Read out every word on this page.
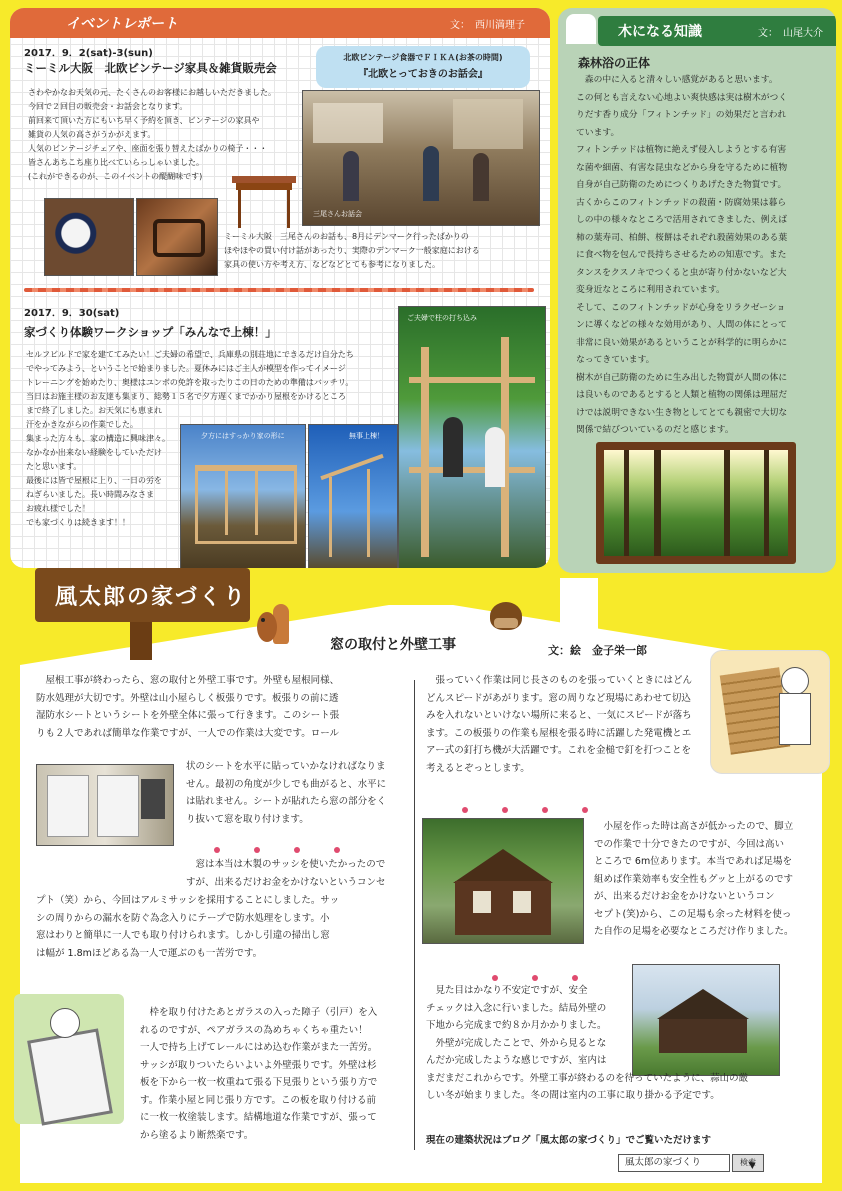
イベントレポート	文：　西川満理子
2017．9．2(sat)-3(sun)
ミーミル大阪　北欧ビンテージ家具＆雑貨販売会
北欧ビンテージ食器でＦＩＫＡ(お茶の時間)
『北欧とっておきのお話会』
さわやかなお天気の元、たくさんのお客様にお越しいただきました。
今回で２回目の販売会・お話会となります。
前回来て頂いた方にもいち早く予約を頂き、ビンテージの家具や
雑貨の人気の高さがうかがえます。
人気のビンテージチェアや、座面を張り替えたばかりの椅子・・・
皆さんあちこち座り比べていらっしゃいました。
(これができるのが、このイベントの醍醐味です)
三尾さんお話会
ミーミル大阪　三尾さんのお話も、8月にデンマーク行ったばかりの
ほやほやの買い付け話があったり、実際のデンマーク一般家庭における
家具の使い方や考え方、などなどとても参考になりました。
2017．9．30(sat)
家づくり体験ワークショップ「みんなで上棟！」
セルフビルドで家を建ててみたい！ご夫婦の希望で、兵庫県の別荘地にできるだけ自分たち
でやってみよう、ということで始まりました。夏休みにはご主人が模型を作ってイメージ
トレーニングを始めたり、奥様はユンボの免許を取ったりこの日のための準備はバッチリ。
当日はお施主様のお友達も集まり、総勢１５名で夕方遅くまでかかり屋根をかけるところ
まで終了しました。お天気にも恵まれ
汗をかきながらの作業でした。
集まった方々も、家の構造に興味津々。
なかなか出来ない経験をしていただけ
たと思います。
最後には皆で屋根に上り、一日の労を
ねぎらいました。長い時間みなさま
お疲れ様でした！
でも家づくりは続きます！！
夕方にはすっかり家の形に	無事上棟！
ご夫婦で柱の打ち込み
木になる知識	文：　山尾大介
森林浴の正体
　森の中に入ると清々しい感覚があると思います。
この何とも言えない心地よい爽快感は実は樹木がつく
りだす香り成分「フィトンチッド」の効果だと言われ
ています。
フィトンチッドは植物に絶えず侵入しようとする有害
な菌や細菌、有害な昆虫などから身を守るために植物
自身が自己防衛のためにつくりあげたきた物質です。
古くからこのフィトンチッドの殺菌・防腐効果は暮ら
しの中の様々なところで活用されてきました、例えば
柿の葉寿司、柏餅、桜餅はそれぞれ殺菌効果のある葉
に食べ物を包んで長持ちさせるための知恵です。また
タンスをクスノキでつくると虫が寄り付かないなど大
変身近なところに利用されています。
そして、このフィトンチッドが心身をリラクゼーショ
ンに導くなどの様々な効用があり、人間の体にとって
非常に良い効果があるということが科学的に明らかに
なってきています。
樹木が自己防衛のために生み出した物質が人間の体に
は良いものであるとすると人類と植物の関係は理屈だ
けでは説明できない生き物としてとても親密で大切な
関係で結びついているのだと感じます。
風太郎の家づくり
窓の取付と外壁工事	文：絵　金子栄一郎
　屋根工事が終わったら、窓の取付と外壁工事です。外壁も屋根同様、
防水処理が大切です。外壁は山小屋らしく板張りです。板張りの前に透
湿防水シートというシートを外壁全体に張って行きます。このシート張
りも２人であれば簡単な作業ですが、一人での作業は大変です。ロール
状のシートを水平に貼っていかなければなりま
せん。最初の角度が少しでも曲がると、水平に
は貼れません。シートが貼れたら窓の部分をく
り抜いて窓を取り付けます。
　窓は本当は木製のサッシを使いたかったので
すが、出来るだけお金をかけないというコンセ
プト（笑）から、今回はアルミサッシを採用することにしました。サッ
シの周りからの漏水を防ぐ為念入りにテープで防水処理をします。小
窓はわりと簡単に一人でも取り付けられます。しかし引違の掃出し窓
は幅が 1.8mほどある為一人で運ぶのも一苦労です。
　枠を取り付けたあとガラスの入った障子（引戸）を入
れるのですが、ペアガラスの為めちゃくちゃ重たい！
一人で持ち上げてレールにはめ込む作業がまた一苦労。
サッシが取りついたらいよいよ外壁張りです。外壁は杉
板を下から一枚一枚重ねて張る下見張りという張り方で
す。作業小屋と同じ張り方です。この板を取り付ける前
に一枚一枚塗装します。結構地道な作業ですが、張って
から塗るより断然楽です。
　張っていく作業は同じ長さのものを張っていくときにはどん
どんスピードがあがります。窓の周りなど現場にあわせて切込
みを入れないといけない場所に来ると、一気にスピードが落ち
ます。この板張りの作業も屋根を張る時に活躍した発電機とエ
アー式の釘打ち機が大活躍です。これを金槌で釘を打つことを
考えるとぞっとします。
　小屋を作った時は高さが低かったので、脚立
での作業で十分できたのですが、今回は高い
ところで 6m位あります。本当であれば足場を
組めば作業効率も安全性もグッと上がるのです
が、出来るだけお金をかけないというコン
セプト(笑)から、この足場も余った材料を使っ
た自作の足場を必要なところだけ作りました。
　見た目はかなり不安定ですが、安全
チェックは入念に行いました。結局外壁の
下地から完成まで約８か月かかりました。
　外壁が完成したことで、外から見るとな
んだか完成したような感じですが、室内は
まだまだこれからです。外壁工事が終わるのを待っていたように、蒜山の厳
しい冬が始まりました。冬の間は室内の工事に取り掛かる予定です。
現在の建築状況はブログ「風太郎の家づくり」でご覧いただけます
風太郎の家づくり	検索
